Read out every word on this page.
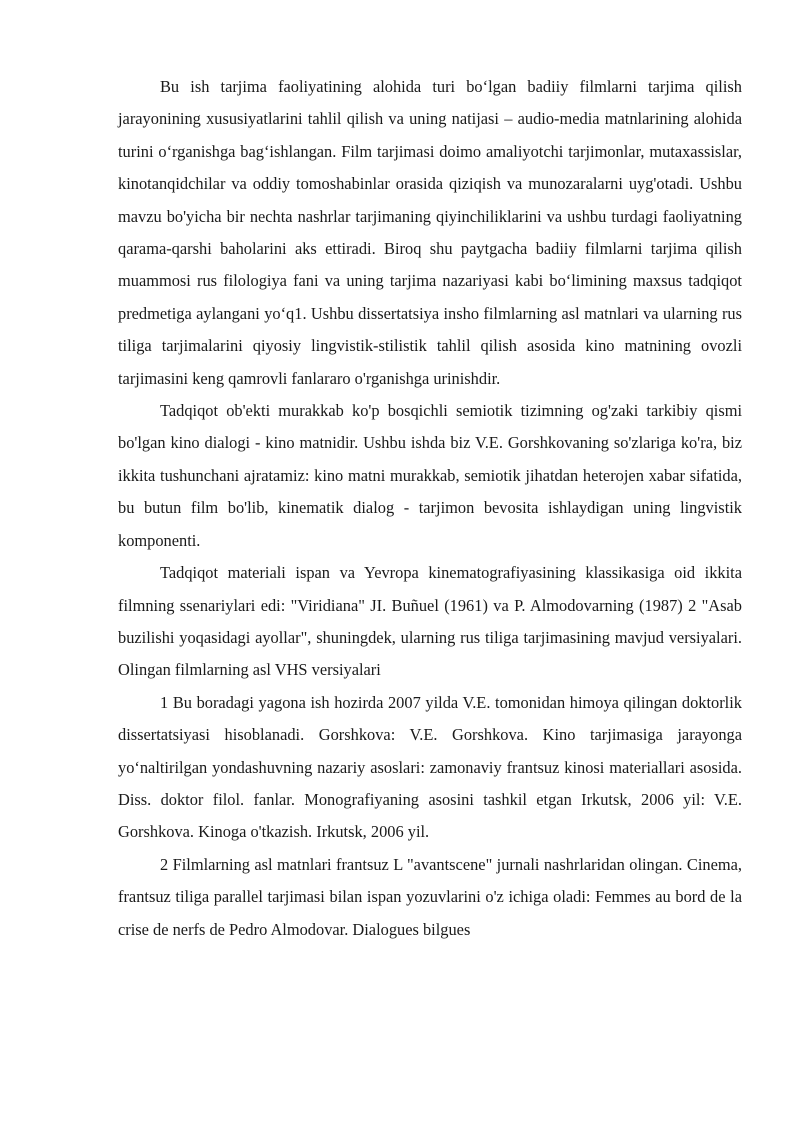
Bu ish tarjima faoliyatining alohida turi bo‘lgan badiiy filmlarni tarjima qilish jarayonining xususiyatlarini tahlil qilish va uning natijasi – audio-media matnlarining alohida turini o‘rganishga bag‘ishlangan. Film tarjimasi doimo amaliyotchi tarjimonlar, mutaxassislar, kinotanqidchilar va oddiy tomoshabinlar orasida qiziqish va munozaralarni uyg'otadi. Ushbu mavzu bo'yicha bir nechta nashrlar tarjimaning qiyinchiliklarini va ushbu turdagi faoliyatning qarama-qarshi baholarini aks ettiradi. Biroq shu paytgacha badiiy filmlarni tarjima qilish muammosi rus filologiya fani va uning tarjima nazariyasi kabi bo‘limining maxsus tadqiqot predmetiga aylangani yo‘q1. Ushbu dissertatsiya insho filmlarning asl matnlari va ularning rus tiliga tarjimalarini qiyosiy lingvistik-stilistik tahlil qilish asosida kino matnining ovozli tarjimasini keng qamrovli fanlararo o'rganishga urinishdir.

Tadqiqot ob'ekti murakkab ko'p bosqichli semiotik tizimning og'zaki tarkibiy qismi bo'lgan kino dialogi - kino matnidir. Ushbu ishda biz V.E. Gorshkovaning so'zlariga ko'ra, biz ikkita tushunchani ajratamiz: kino matni murakkab, semiotik jihatdan heterojen xabar sifatida, bu butun film bo'lib, kinematik dialog - tarjimon bevosita ishlaydigan uning lingvistik komponenti.

Tadqiqot materiali ispan va Yevropa kinematografiyasining klassikasiga oid ikkita filmning ssenariylari edi: "Viridiana" JI. Buñuel (1961) va P. Almodovarning (1987) 2 "Asab buzilishi yoqasidagi ayollar", shuningdek, ularning rus tiliga tarjimasining mavjud versiyalari. Olingan filmlarning asl VHS versiyalari

1 Bu boradagi yagona ish hozirda 2007 yilda V.E. tomonidan himoya qilingan doktorlik dissertatsiyasi hisoblanadi. Gorshkova: V.E. Gorshkova. Kino tarjimasiga jarayonga yo‘naltirilgan yondashuvning nazariy asoslari: zamonaviy frantsuz kinosi materiallari asosida. Diss. doktor filol. fanlar. Monografiyaning asosini tashkil etgan Irkutsk, 2006 yil: V.E. Gorshkova. Kinoga o'tkazish. Irkutsk, 2006 yil.

2 Filmlarning asl matnlari frantsuz L "avantscene" jurnali nashrlaridan olingan. Cinema, frantsuz tiliga parallel tarjimasi bilan ispan yozuvlarini o'z ichiga oladi: Femmes au bord de la crise de nerfs de Pedro Almodovar. Dialogues bilgues
